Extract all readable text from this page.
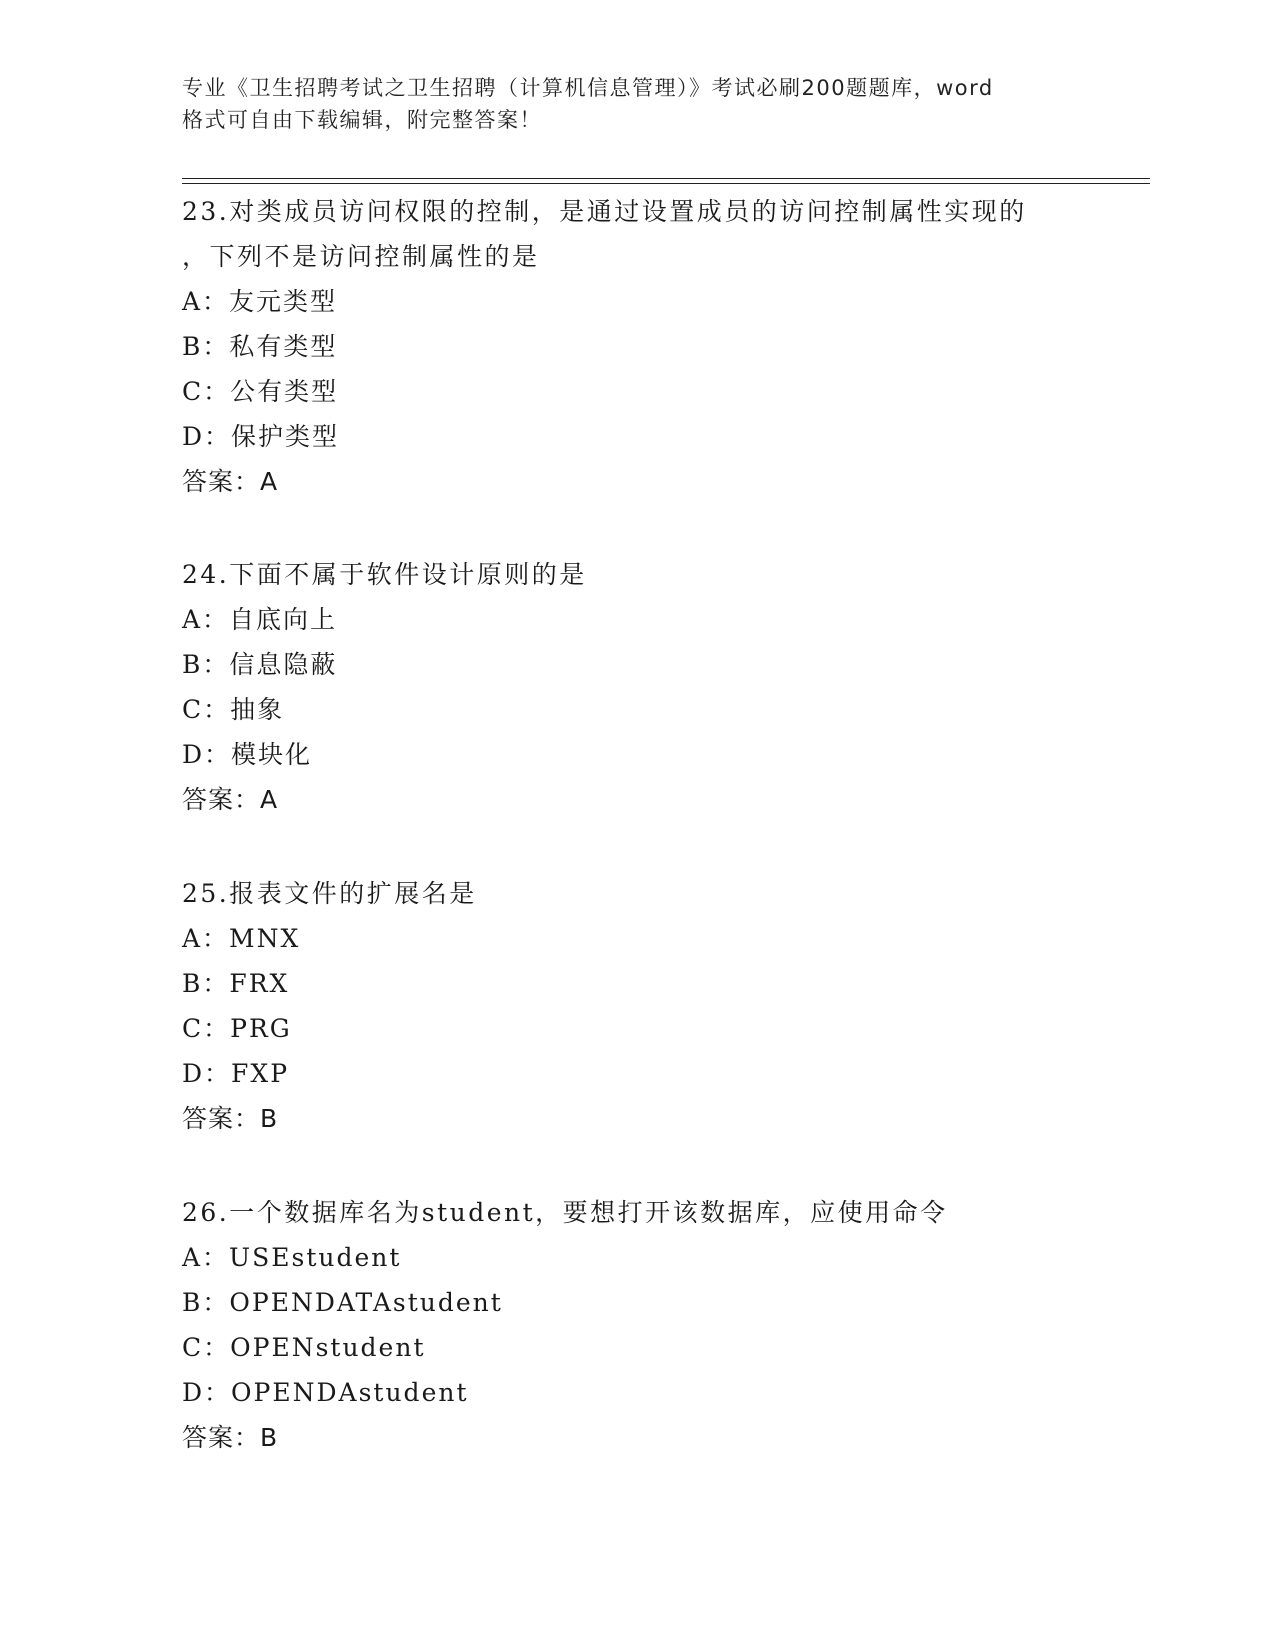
专业《卫生招聘考试之卫生招聘（计算机信息管理）》考试必刷200题题库，word
格式可自由下载编辑，附完整答案！
23.对类成员访问权限的控制，是通过设置成员的访问控制属性实现的
，下列不是访问控制属性的是
A：友元类型
B：私有类型
C：公有类型
D：保护类型
答案：A
24.下面不属于软件设计原则的是
A：自底向上
B：信息隐蔽
C：抽象
D：模块化
答案：A
25.报表文件的扩展名是
A：MNX
B：FRX
C：PRG
D：FXP
答案：B
26.一个数据库名为student，要想打开该数据库，应使用命令
A：USEstudent
B：OPENDATAstudent
C：OPENstudent
D：OPENDAstudent
答案：B
